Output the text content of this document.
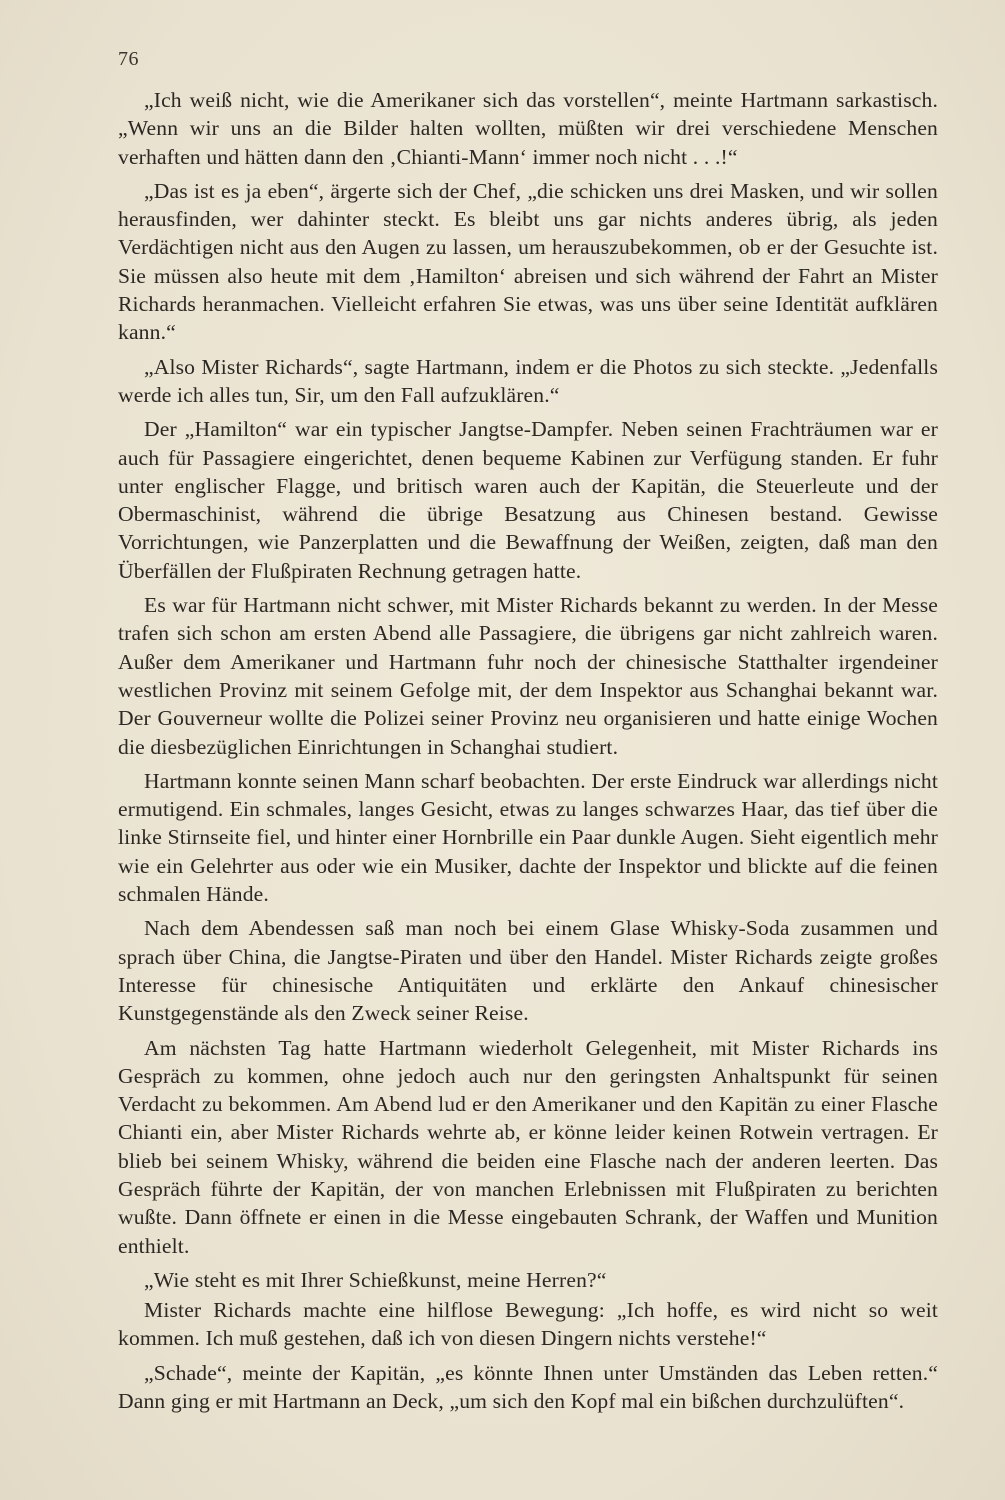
76

„Ich weiß nicht, wie die Amerikaner sich das vorstellen“, meinte Hartmann sarkastisch. „Wenn wir uns an die Bilder halten wollten, müßten wir drei verschiedene Menschen verhaften und hätten dann den ‚Chianti-Mann‘ immer noch nicht . . .!“

„Das ist es ja eben“, ärgerte sich der Chef, „die schicken uns drei Masken, und wir sollen herausfinden, wer dahinter steckt. Es bleibt uns gar nichts anderes übrig, als jeden Verdächtigen nicht aus den Augen zu lassen, um herauszubekommen, ob er der Gesuchte ist. Sie müssen also heute mit dem ‚Hamilton‘ abreisen und sich während der Fahrt an Mister Richards heranmachen. Vielleicht erfahren Sie etwas, was uns über seine Identität aufklären kann.“

„Also Mister Richards“, sagte Hartmann, indem er die Photos zu sich steckte. „Jedenfalls werde ich alles tun, Sir, um den Fall aufzuklären.“

Der „Hamilton“ war ein typischer Jangtse-Dampfer. Neben seinen Frachträumen war er auch für Passagiere eingerichtet, denen bequeme Kabinen zur Verfügung standen. Er fuhr unter englischer Flagge, und britisch waren auch der Kapitän, die Steuerleute und der Obermaschinist, während die übrige Besatzung aus Chinesen bestand. Gewisse Vorrichtungen, wie Panzerplatten und die Bewaffnung der Weißen, zeigten, daß man den Überfällen der Flußpiraten Rechnung getragen hatte.

Es war für Hartmann nicht schwer, mit Mister Richards bekannt zu werden. In der Messe trafen sich schon am ersten Abend alle Passagiere, die übrigens gar nicht zahlreich waren. Außer dem Amerikaner und Hartmann fuhr noch der chinesische Statthalter irgendeiner westlichen Provinz mit seinem Gefolge mit, der dem Inspektor aus Schanghai bekannt war. Der Gouverneur wollte die Polizei seiner Provinz neu organisieren und hatte einige Wochen die diesbezüglichen Einrichtungen in Schanghai studiert.

Hartmann konnte seinen Mann scharf beobachten. Der erste Eindruck war allerdings nicht ermutigend. Ein schmales, langes Gesicht, etwas zu langes schwarzes Haar, das tief über die linke Stirnseite fiel, und hinter einer Hornbrille ein Paar dunkle Augen. Sieht eigentlich mehr wie ein Gelehrter aus oder wie ein Musiker, dachte der Inspektor und blickte auf die feinen schmalen Hände.

Nach dem Abendessen saß man noch bei einem Glase Whisky-Soda zusammen und sprach über China, die Jangtse-Piraten und über den Handel. Mister Richards zeigte großes Interesse für chinesische Antiquitäten und erklärte den Ankauf chinesischer Kunstgegenstände als den Zweck seiner Reise.

Am nächsten Tag hatte Hartmann wiederholt Gelegenheit, mit Mister Richards ins Gespräch zu kommen, ohne jedoch auch nur den geringsten Anhaltspunkt für seinen Verdacht zu bekommen. Am Abend lud er den Amerikaner und den Kapitän zu einer Flasche Chianti ein, aber Mister Richards wehrte ab, er könne leider keinen Rotwein vertragen. Er blieb bei seinem Whisky, während die beiden eine Flasche nach der anderen leerten. Das Gespräch führte der Kapitän, der von manchen Erlebnissen mit Flußpiraten zu berichten wußte. Dann öffnete er einen in die Messe eingebauten Schrank, der Waffen und Munition enthielt.

„Wie steht es mit Ihrer Schießkunst, meine Herren?“

Mister Richards machte eine hilflose Bewegung: „Ich hoffe, es wird nicht so weit kommen. Ich muß gestehen, daß ich von diesen Dingern nichts verstehe!“

„Schade“, meinte der Kapitän, „es könnte Ihnen unter Umständen das Leben retten.“ Dann ging er mit Hartmann an Deck, „um sich den Kopf mal ein bißchen durchzulüften“.
